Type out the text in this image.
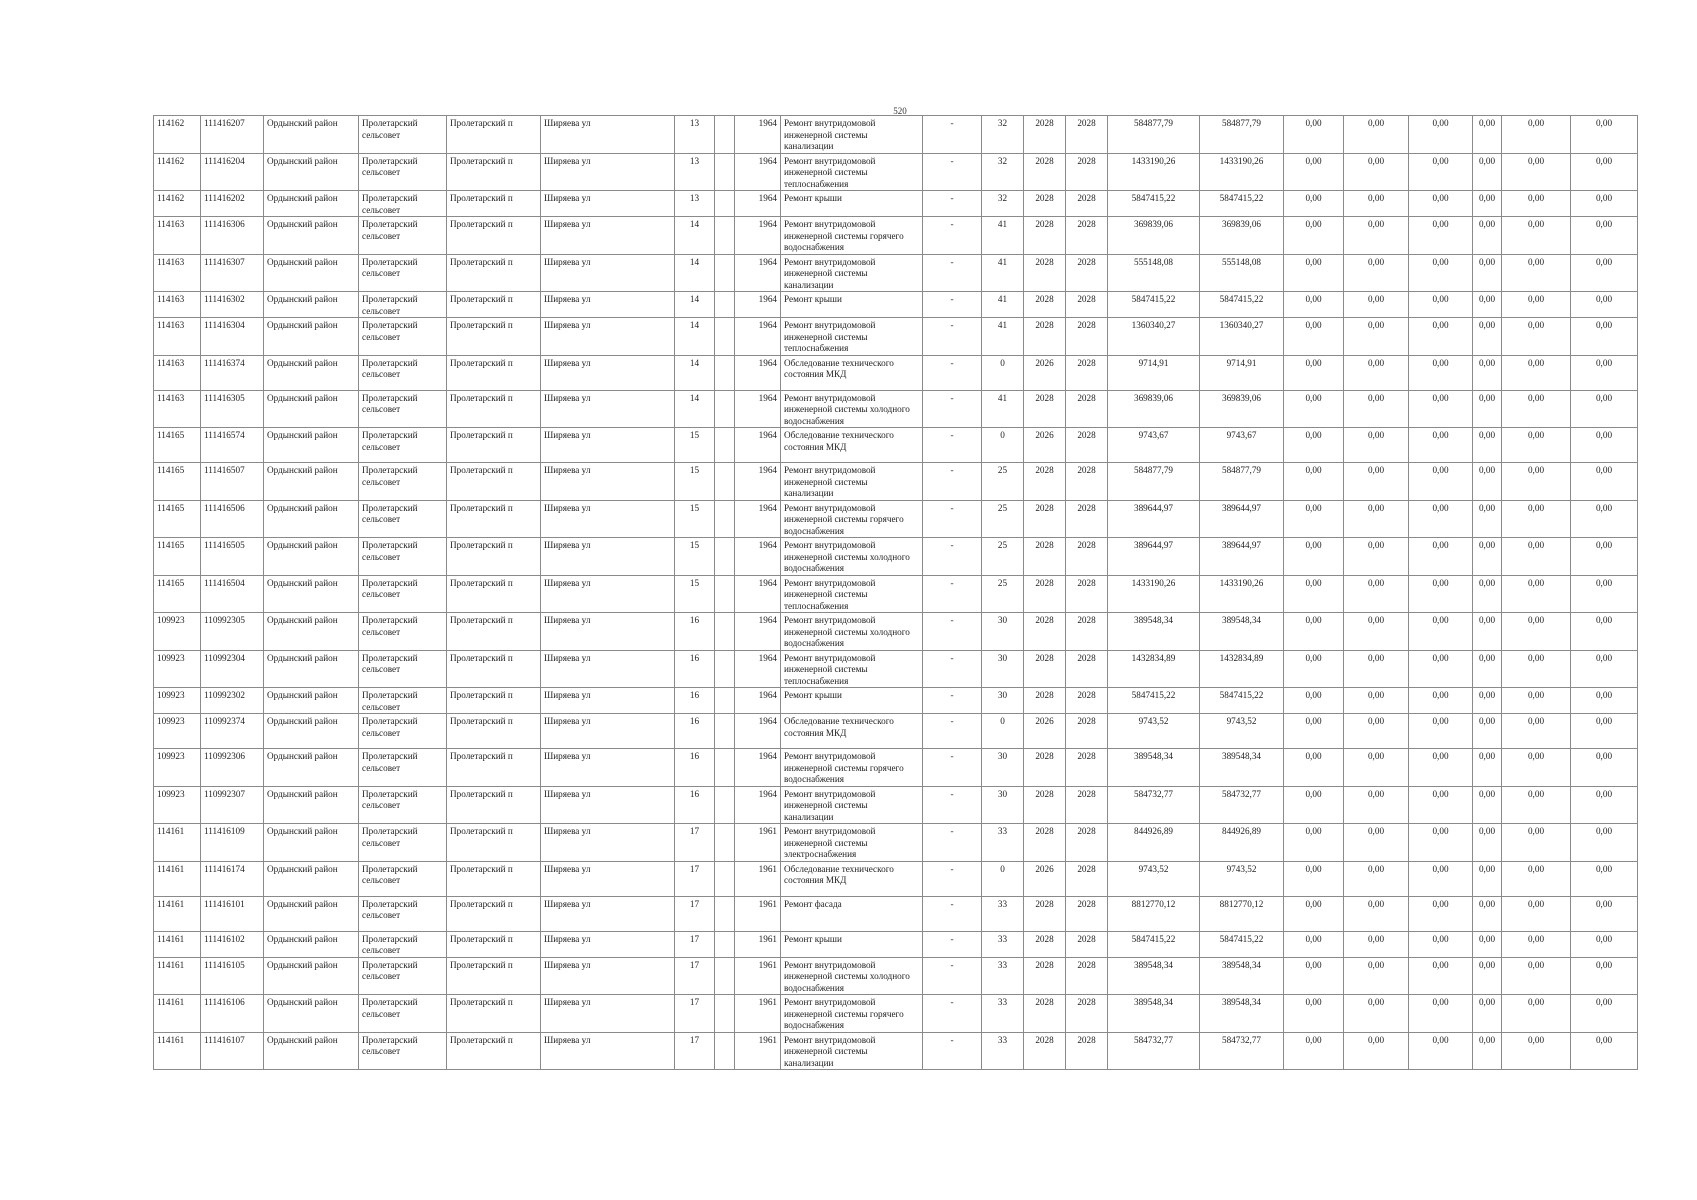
520
114162	111416207	Ордынский район	Пролетарский сельсовет	Пролетарский п	Ширяева ул	13		1964	Ремонт внутридомовой инженерной системы канализации	-	32	2028	2028	584877,79	584877,79	0,00	0,00	0,00	0,00	0,00	0,00
114162	111416204	Ордынский район	Пролетарский сельсовет	Пролетарский п	Ширяева ул	13		1964	Ремонт внутридомовой инженерной системы теплоснабжения	-	32	2028	2028	1433190,26	1433190,26	0,00	0,00	0,00	0,00	0,00	0,00
114162	111416202	Ордынский район	Пролетарский сельсовет	Пролетарский п	Ширяева ул	13		1964	Ремонт крыши	-	32	2028	2028	5847415,22	5847415,22	0,00	0,00	0,00	0,00	0,00	0,00
114163	111416306	Ордынский район	Пролетарский сельсовет	Пролетарский п	Ширяева ул	14		1964	Ремонт внутридомовой инженерной системы горячего водоснабжения	-	41	2028	2028	369839,06	369839,06	0,00	0,00	0,00	0,00	0,00	0,00
114163	111416307	Ордынский район	Пролетарский сельсовет	Пролетарский п	Ширяева ул	14		1964	Ремонт внутридомовой инженерной системы канализации	-	41	2028	2028	555148,08	555148,08	0,00	0,00	0,00	0,00	0,00	0,00
114163	111416302	Ордынский район	Пролетарский сельсовет	Пролетарский п	Ширяева ул	14		1964	Ремонт крыши	-	41	2028	2028	5847415,22	5847415,22	0,00	0,00	0,00	0,00	0,00	0,00
114163	111416304	Ордынский район	Пролетарский сельсовет	Пролетарский п	Ширяева ул	14		1964	Ремонт внутридомовой инженерной системы теплоснабжения	-	41	2028	2028	1360340,27	1360340,27	0,00	0,00	0,00	0,00	0,00	0,00
114163	111416374	Ордынский район	Пролетарский сельсовет	Пролетарский п	Ширяева ул	14		1964	Обследование технического состояния МКД	-	0	2026	2028	9714,91	9714,91	0,00	0,00	0,00	0,00	0,00	0,00
114163	111416305	Ордынский район	Пролетарский сельсовет	Пролетарский п	Ширяева ул	14		1964	Ремонт внутридомовой инженерной системы холодного водоснабжения	-	41	2028	2028	369839,06	369839,06	0,00	0,00	0,00	0,00	0,00	0,00
114165	111416574	Ордынский район	Пролетарский сельсовет	Пролетарский п	Ширяева ул	15		1964	Обследование технического состояния МКД	-	0	2026	2028	9743,67	9743,67	0,00	0,00	0,00	0,00	0,00	0,00
114165	111416507	Ордынский район	Пролетарский сельсовет	Пролетарский п	Ширяева ул	15		1964	Ремонт внутридомовой инженерной системы канализации	-	25	2028	2028	584877,79	584877,79	0,00	0,00	0,00	0,00	0,00	0,00
114165	111416506	Ордынский район	Пролетарский сельсовет	Пролетарский п	Ширяева ул	15		1964	Ремонт внутридомовой инженерной системы горячего водоснабжения	-	25	2028	2028	389644,97	389644,97	0,00	0,00	0,00	0,00	0,00	0,00
114165	111416505	Ордынский район	Пролетарский сельсовет	Пролетарский п	Ширяева ул	15		1964	Ремонт внутридомовой инженерной системы холодного водоснабжения	-	25	2028	2028	389644,97	389644,97	0,00	0,00	0,00	0,00	0,00	0,00
114165	111416504	Ордынский район	Пролетарский сельсовет	Пролетарский п	Ширяева ул	15		1964	Ремонт внутридомовой инженерной системы теплоснабжения	-	25	2028	2028	1433190,26	1433190,26	0,00	0,00	0,00	0,00	0,00	0,00
109923	110992305	Ордынский район	Пролетарский сельсовет	Пролетарский п	Ширяева ул	16		1964	Ремонт внутридомовой инженерной системы холодного водоснабжения	-	30	2028	2028	389548,34	389548,34	0,00	0,00	0,00	0,00	0,00	0,00
109923	110992304	Ордынский район	Пролетарский сельсовет	Пролетарский п	Ширяева ул	16		1964	Ремонт внутридомовой инженерной системы теплоснабжения	-	30	2028	2028	1432834,89	1432834,89	0,00	0,00	0,00	0,00	0,00	0,00
109923	110992302	Ордынский район	Пролетарский сельсовет	Пролетарский п	Ширяева ул	16		1964	Ремонт крыши	-	30	2028	2028	5847415,22	5847415,22	0,00	0,00	0,00	0,00	0,00	0,00
109923	110992374	Ордынский район	Пролетарский сельсовет	Пролетарский п	Ширяева ул	16		1964	Обследование технического состояния МКД	-	0	2026	2028	9743,52	9743,52	0,00	0,00	0,00	0,00	0,00	0,00
109923	110992306	Ордынский район	Пролетарский сельсовет	Пролетарский п	Ширяева ул	16		1964	Ремонт внутридомовой инженерной системы горячего водоснабжения	-	30	2028	2028	389548,34	389548,34	0,00	0,00	0,00	0,00	0,00	0,00
109923	110992307	Ордынский район	Пролетарский сельсовет	Пролетарский п	Ширяева ул	16		1964	Ремонт внутридомовой инженерной системы канализации	-	30	2028	2028	584732,77	584732,77	0,00	0,00	0,00	0,00	0,00	0,00
114161	111416109	Ордынский район	Пролетарский сельсовет	Пролетарский п	Ширяева ул	17		1961	Ремонт внутридомовой инженерной системы электроснабжения	-	33	2028	2028	844926,89	844926,89	0,00	0,00	0,00	0,00	0,00	0,00
114161	111416174	Ордынский район	Пролетарский сельсовет	Пролетарский п	Ширяева ул	17		1961	Обследование технического состояния МКД	-	0	2026	2028	9743,52	9743,52	0,00	0,00	0,00	0,00	0,00	0,00
114161	111416101	Ордынский район	Пролетарский сельсовет	Пролетарский п	Ширяева ул	17		1961	Ремонт фасада	-	33	2028	2028	8812770,12	8812770,12	0,00	0,00	0,00	0,00	0,00	0,00
114161	111416102	Ордынский район	Пролетарский сельсовет	Пролетарский п	Ширяева ул	17		1961	Ремонт крыши	-	33	2028	2028	5847415,22	5847415,22	0,00	0,00	0,00	0,00	0,00	0,00
114161	111416105	Ордынский район	Пролетарский сельсовет	Пролетарский п	Ширяева ул	17		1961	Ремонт внутридомовой инженерной системы холодного водоснабжения	-	33	2028	2028	389548,34	389548,34	0,00	0,00	0,00	0,00	0,00	0,00
114161	111416106	Ордынский район	Пролетарский сельсовет	Пролетарский п	Ширяева ул	17		1961	Ремонт внутридомовой инженерной системы горячего водоснабжения	-	33	2028	2028	389548,34	389548,34	0,00	0,00	0,00	0,00	0,00	0,00
114161	111416107	Ордынский район	Пролетарский сельсовет	Пролетарский п	Ширяева ул	17		1961	Ремонт внутридомовой инженерной системы канализации	-	33	2028	2028	584732,77	584732,77	0,00	0,00	0,00	0,00	0,00	0,00
